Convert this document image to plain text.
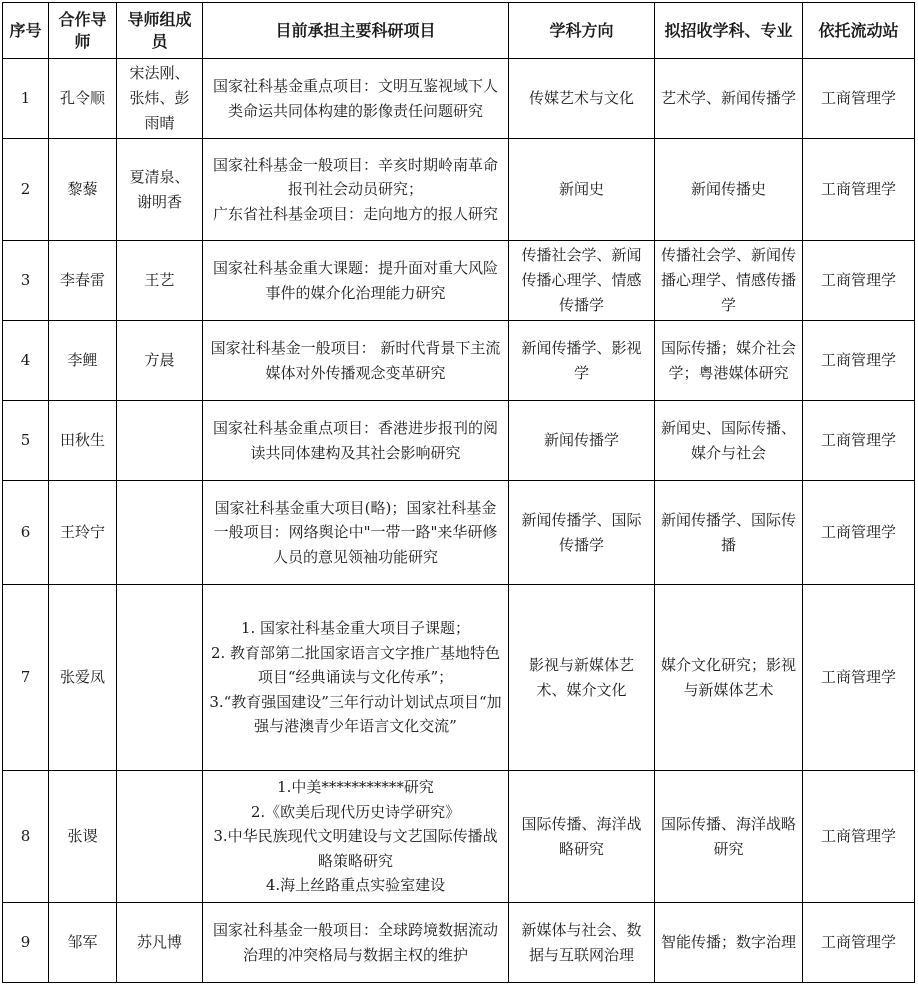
序号	合作导师	导师组成员	目前承担主要科研项目	学科方向	拟招收学科、专业	依托流动站
1	孔令顺	宋法刚、张炜、彭雨晴	国家社科基金重点项目：文明互鉴视域下人类命运共同体构建的影像责任问题研究	传媒艺术与文化	艺术学、新闻传播学	工商管理学
2	黎藜	夏清泉、谢明香	国家社科基金一般项目：辛亥时期岭南革命报刊社会动员研究；
广东省社科基金项目：走向地方的报人研究	新闻史	新闻传播史	工商管理学
3	李春雷	王艺	国家社科基金重大课题：提升面对重大风险事件的媒介化治理能力研究	传播社会学、新闻传播心理学、情感传播学	传播社会学、新闻传播心理学、情感传播学	工商管理学
4	李鲤	方晨	国家社科基金一般项目： 新时代背景下主流媒体对外传播观念变革研究	新闻传播学、影视学	国际传播；媒介社会学；粤港媒体研究	工商管理学
5	田秋生		国家社科基金重点项目：香港进步报刊的阅读共同体建构及其社会影响研究	新闻传播学	新闻史、国际传播、媒介与社会	工商管理学
6	王玲宁		国家社科基金重大项目(略)；国家社科基金一般项目：网络舆论中"一带一路"来华研修人员的意见领袖功能研究	新闻传播学、国际传播学	新闻传播学、国际传播	工商管理学
7	张爱凤		1. 国家社科基金重大项目子课题；
2. 教育部第二批国家语言文字推广基地特色项目“经典诵读与文化传承”；
3.“教育强国建设”三年行动计划试点项目“加强与港澳青少年语言文化交流”	影视与新媒体艺术、媒介文化	媒介文化研究；影视与新媒体艺术	工商管理学
8	张谡		1.中美***********研究
2.《欧美后现代历史诗学研究》
3.中华民族现代文明建设与文艺国际传播战略策略研究
4.海上丝路重点实验室建设	国际传播、海洋战略研究	国际传播、海洋战略研究	工商管理学
9	邹军	苏凡博	国家社科基金一般项目：全球跨境数据流动治理的冲突格局与数据主权的维护	新媒体与社会、数据与互联网治理	智能传播；数字治理	工商管理学
